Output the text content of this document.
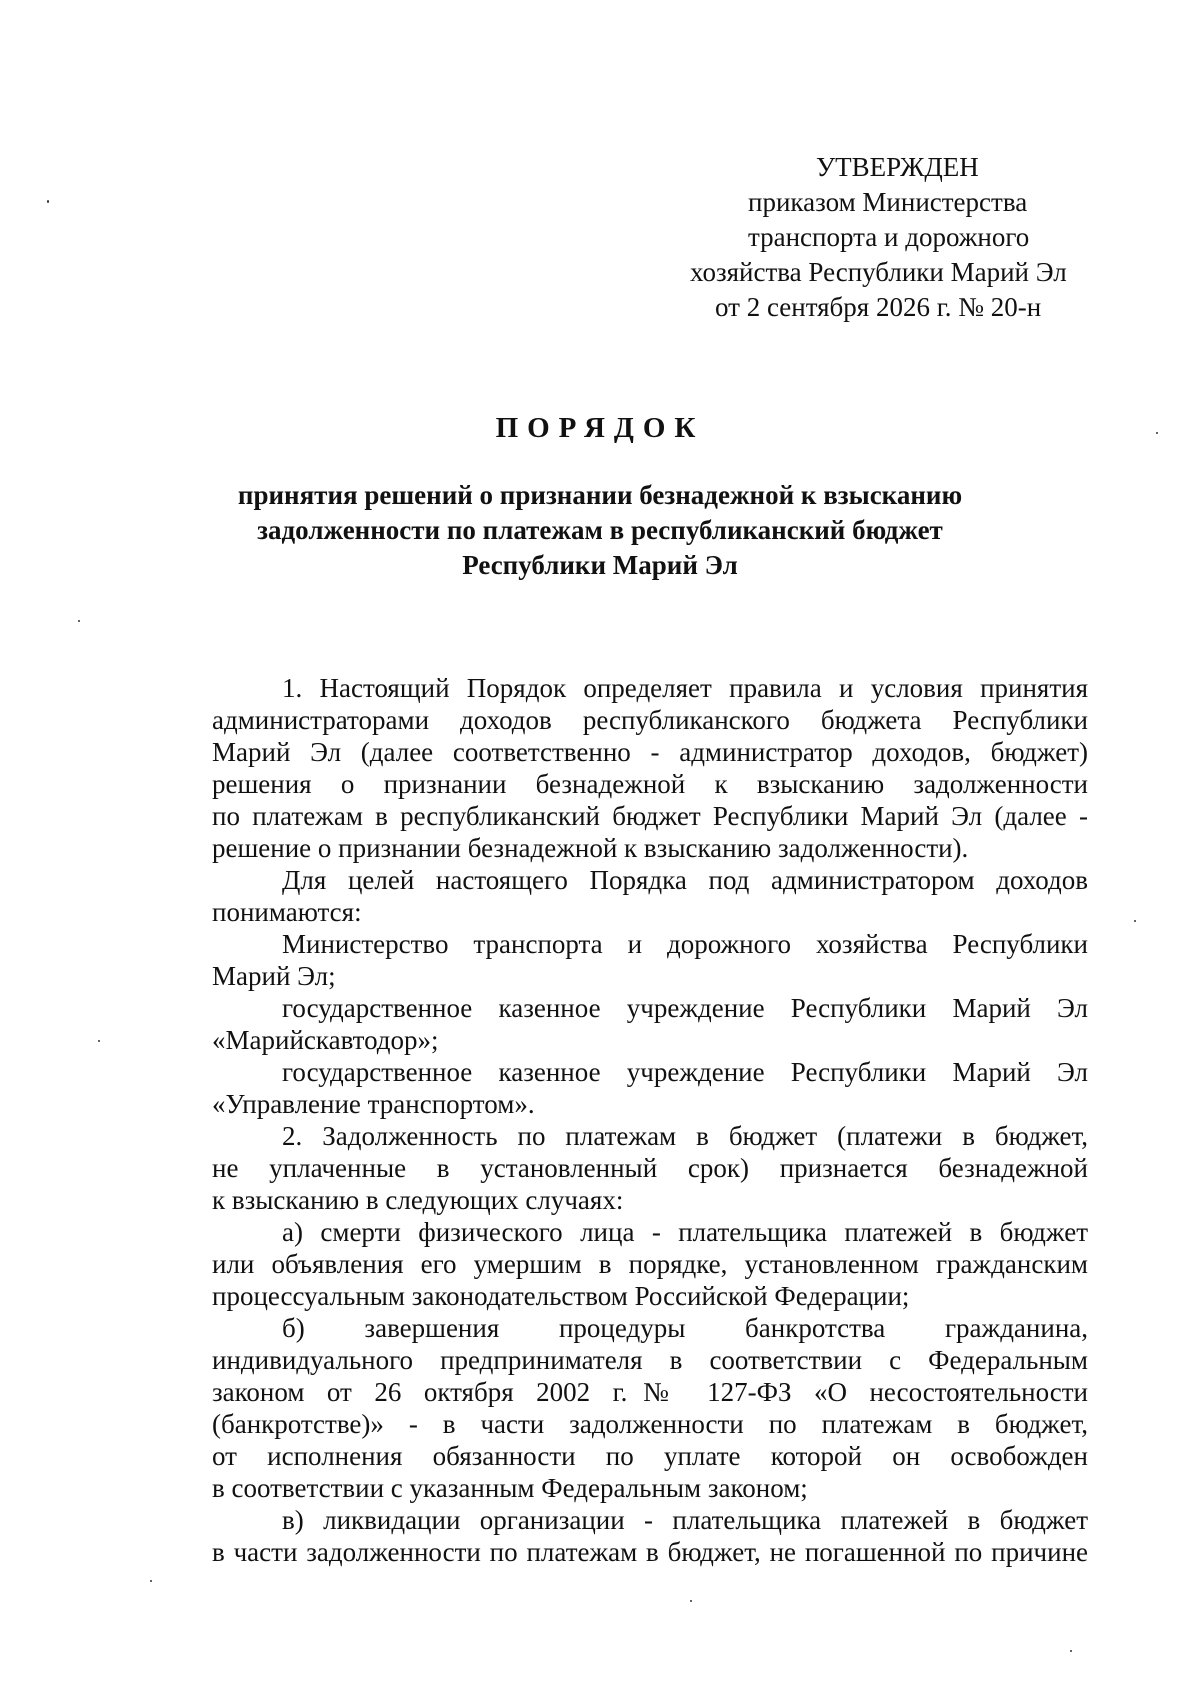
УТВЕРЖДЕН
приказом Министерства
транспорта и дорожного
хозяйства Республики Марий Эл
от 2 сентября 2026 г. № 20-н
ПОРЯДОК
принятия решений о признании безнадежной к взысканию
задолженности по платежам в республиканский бюджет
Республики Марий Эл
1. Настоящий Порядок определяет правила и условия принятия
администраторами доходов республиканского бюджета Республики
Марий Эл (далее соответственно - администратор доходов, бюджет)
решения о признании безнадежной к взысканию задолженности
по платежам в республиканский бюджет Республики Марий Эл (далее -
решение о признании безнадежной к взысканию задолженности).
Для целей настоящего Порядка под администратором доходов
понимаются:
Министерство транспорта и дорожного хозяйства Республики
Марий Эл;
государственное казенное учреждение Республики Марий Эл
«Марийскавтодор»;
государственное казенное учреждение Республики Марий Эл
«Управление транспортом».
2. Задолженность по платежам в бюджет (платежи в бюджет,
не уплаченные в установленный срок) признается безнадежной
к взысканию в следующих случаях:
а) смерти физического лица - плательщика платежей в бюджет
или объявления его умершим в порядке, установленном гражданским
процессуальным законодательством Российской Федерации;
б) завершения процедуры банкротства гражданина,
индивидуального предпринимателя в соответствии с Федеральным
законом от 26 октября 2002 г.№ 127-ФЗ «О несостоятельности
(банкротстве)» - в части задолженности по платежам в бюджет,
от исполнения обязанности по уплате которой он освобожден
в соответствии с указанным Федеральным законом;
в) ликвидации организации - плательщика платежей в бюджет
в части задолженности по платежам в бюджет, не погашенной по причине
